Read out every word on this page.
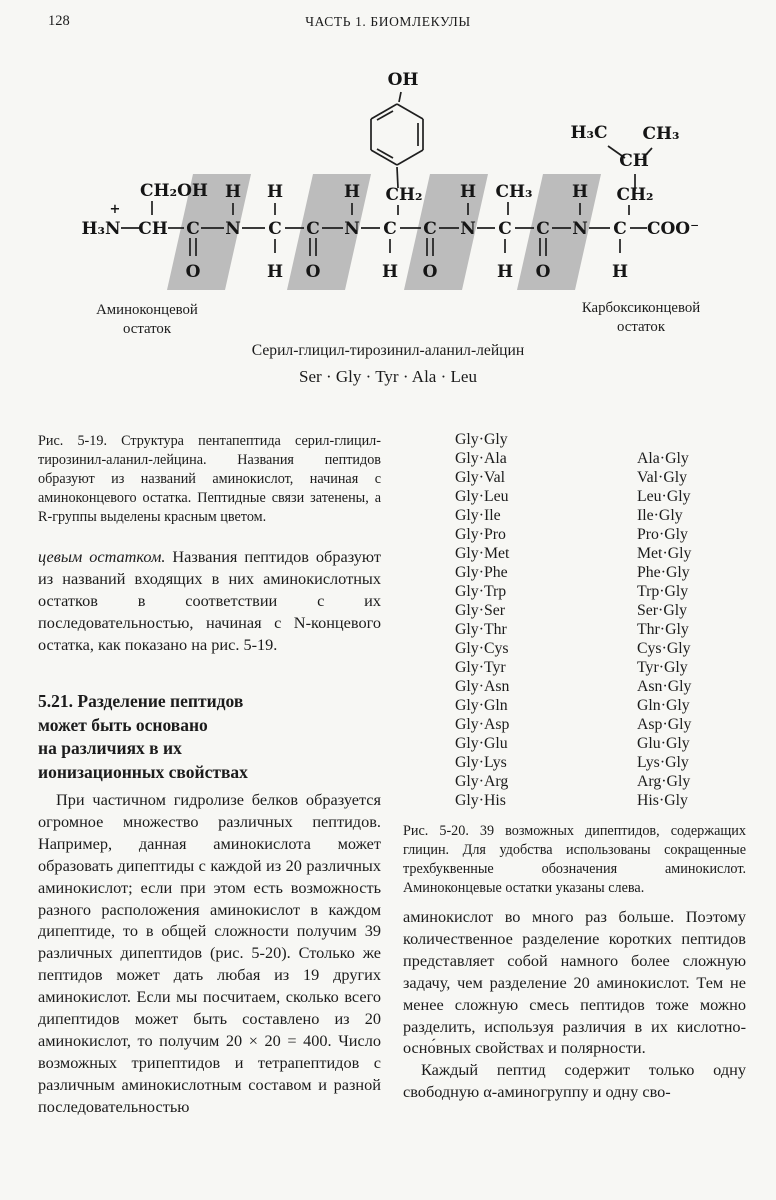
128	ЧАСТЬ 1. БИОМЛЕКУЛЫ
H₃N
+
CH C N C C N C C N C C N C COO⁻
CH₂OH H H	H CH₂ H CH₃ H CH₂
CH
H₃C CH₃
OH
O	O	O	O
H	H	H	H
Аминоконцевой
остаток
Карбоксиконцевой
остаток
Серил-глицил-тирозинил-аланил-лейцин
Ser · Gly · Tyr · Ala · Leu
Рис. 5-19. Структура пентапептида серил-глицил-тирозинил-аланил-лейцина. Названия пептидов образуют из названий аминокислот, начиная с аминоконцевого остатка. Пептидные связи затенены, а R-группы выделены красным цветом.
цевым остатком. Названия пептидов образуют из названий входящих в них аминокислотных остатков в соответствии с их последовательностью, начиная с N-концевого остатка, как показано на рис. 5-19.
5.21. Разделение пептидов
может быть основано
на различиях в их
ионизационных свойствах
При частичном гидролизе белков образуется огромное множество различных пептидов. Например, данная аминокислота может образовать дипептиды с каждой из 20 различных аминокислот; если при этом есть возможность разного расположения аминокислот в каждом дипептиде, то в общей сложности получим 39 различных дипептидов (рис. 5-20). Столько же пептидов может дать любая из 19 других аминокислот. Если мы посчитаем, сколько всего дипептидов может быть составлено из 20 аминокислот, то получим 20 × 20 = 400. Число возможных трипептидов и тетрапептидов с различным аминокислотным составом и разной последовательностью
Gly·Gly
Gly·Ala	Ala·Gly
Gly·Val	Val·Gly
Gly·Leu	Leu·Gly
Gly·Ile	Ile·Gly
Gly·Pro	Pro·Gly
Gly·Met	Met·Gly
Gly·Phe	Phe·Gly
Gly·Trp	Trp·Gly
Gly·Ser	Ser·Gly
Gly·Thr	Thr·Gly
Gly·Cys	Cys·Gly
Gly·Tyr	Tyr·Gly
Gly·Asn	Asn·Gly
Gly·Gln	Gln·Gly
Gly·Asp	Asp·Gly
Gly·Glu	Glu·Gly
Gly·Lys	Lys·Gly
Gly·Arg	Arg·Gly
Gly·His	His·Gly
Рис. 5-20. 39 возможных дипептидов, содержащих глицин. Для удобства использованы сокращенные трехбуквенные обозначения аминокислот. Аминоконцевые остатки указаны слева.

аминокислот во много раз больше. Поэтому количественное разделение коротких пептидов представляет собой намного более сложную задачу, чем разделение 20 аминокислот. Тем не менее сложную смесь пептидов тоже можно разделить, используя различия в их кислотно-осно́вных свойствах и полярности.

Каждый пептид содержит только одну свободную α-аминогруппу и одну сво-
